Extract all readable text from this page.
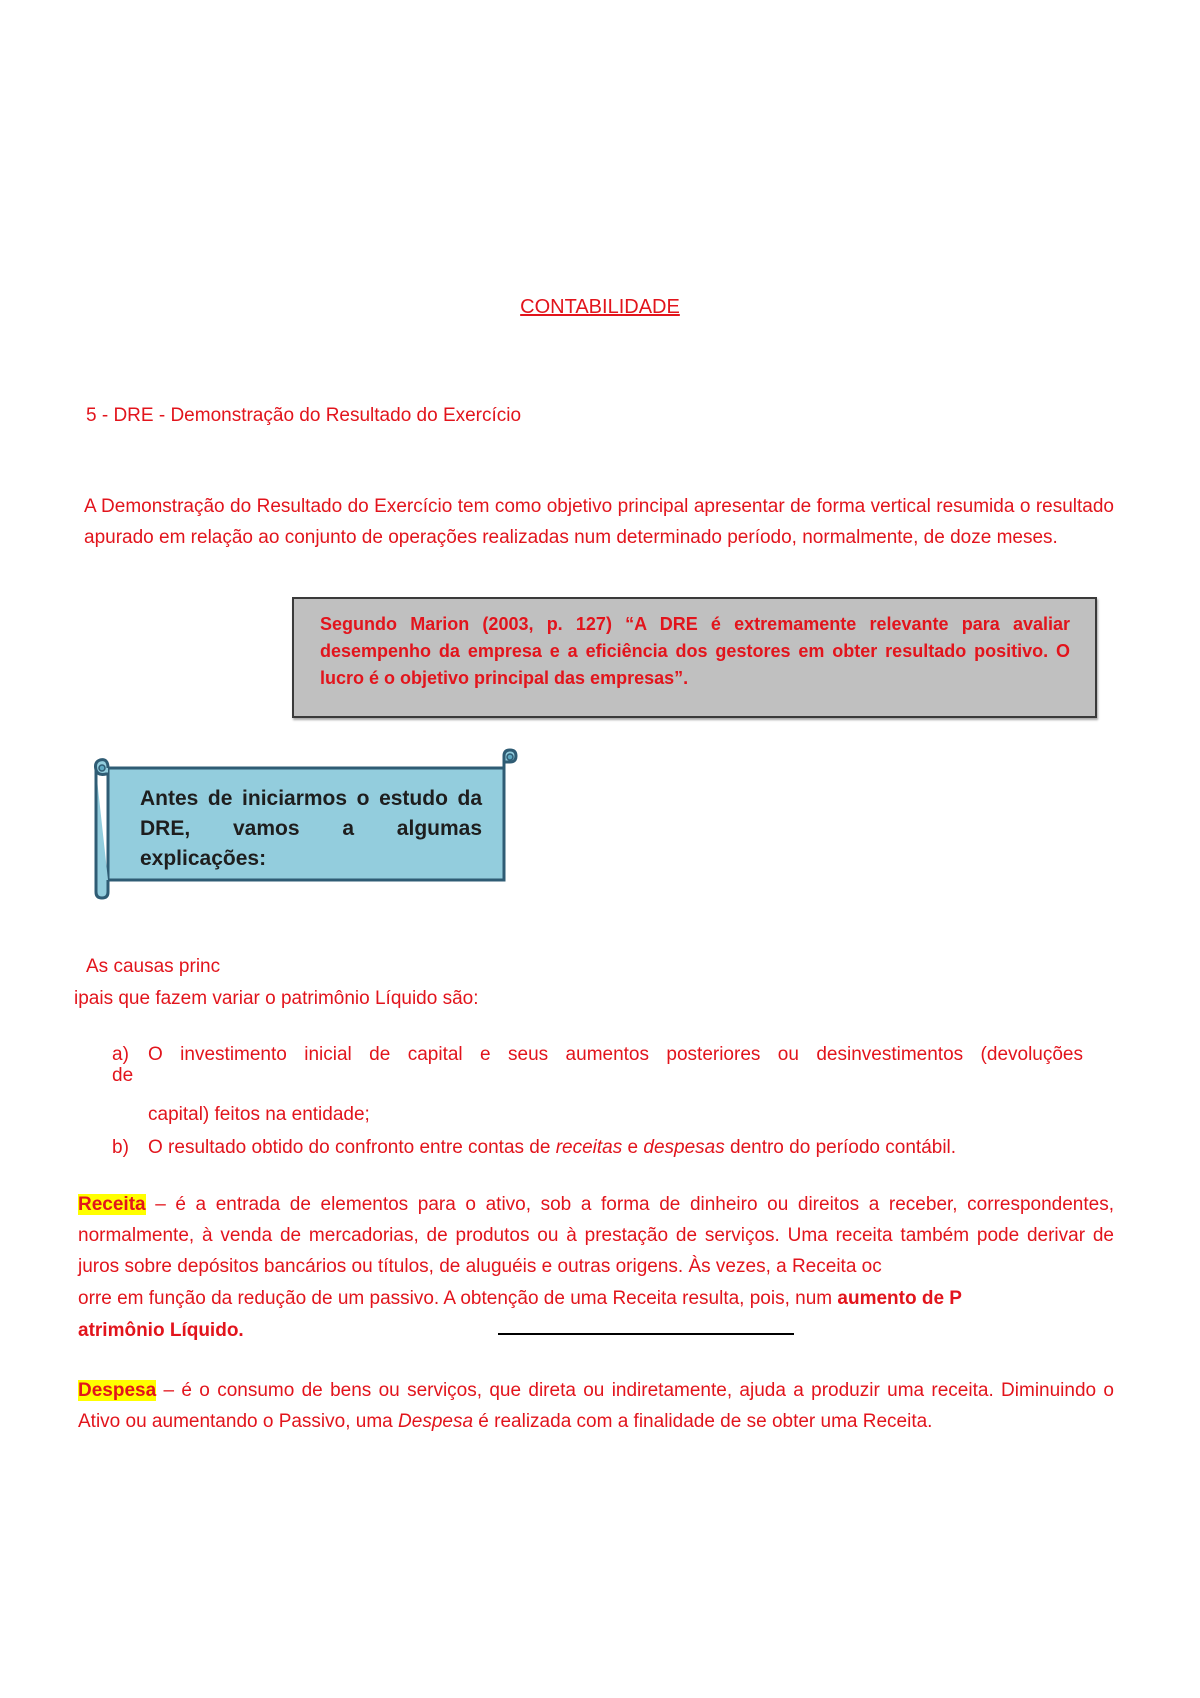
CONTABILIDADE
5 - DRE - Demonstração do Resultado do Exercício
A Demonstração do Resultado do Exercício tem como objetivo principal apresentar de forma vertical resumida o resultado apurado em relação ao conjunto de operações realizadas num determinado período, normalmente, de doze meses.
Segundo Marion (2003, p. 127) “A DRE é extremamente relevante para avaliar desempenho da empresa e a eficiência dos gestores em obter resultado positivo. O lucro é o objetivo principal das empresas”.
Antes de iniciarmos o estudo da DRE, vamos a algumas explicações:
As causas princ
ipais que fazem variar o patrimônio Líquido são:
a) O investimento inicial de capital e seus aumentos posteriores ou desinvestimentos (devoluções
de
capital) feitos na entidade;
b) O resultado obtido do confronto entre contas de receitas e despesas dentro do período contábil.
Receita – é a entrada de elementos para o ativo, sob a forma de dinheiro ou direitos a receber, correspondentes, normalmente, à venda de mercadorias, de produtos ou à prestação de serviços. Uma receita também pode derivar de juros sobre depósitos bancários ou títulos, de aluguéis e outras origens. Às vezes, a Receita oc
orre em função da redução de um passivo. A obtenção de uma Receita resulta, pois, num aumento de P
atrimônio Líquido.
Despesa – é o consumo de bens ou serviços, que direta ou indiretamente, ajuda a produzir uma receita. Diminuindo o Ativo ou aumentando o Passivo, uma Despesa é realizada com a finalidade de se obter uma Receita.
